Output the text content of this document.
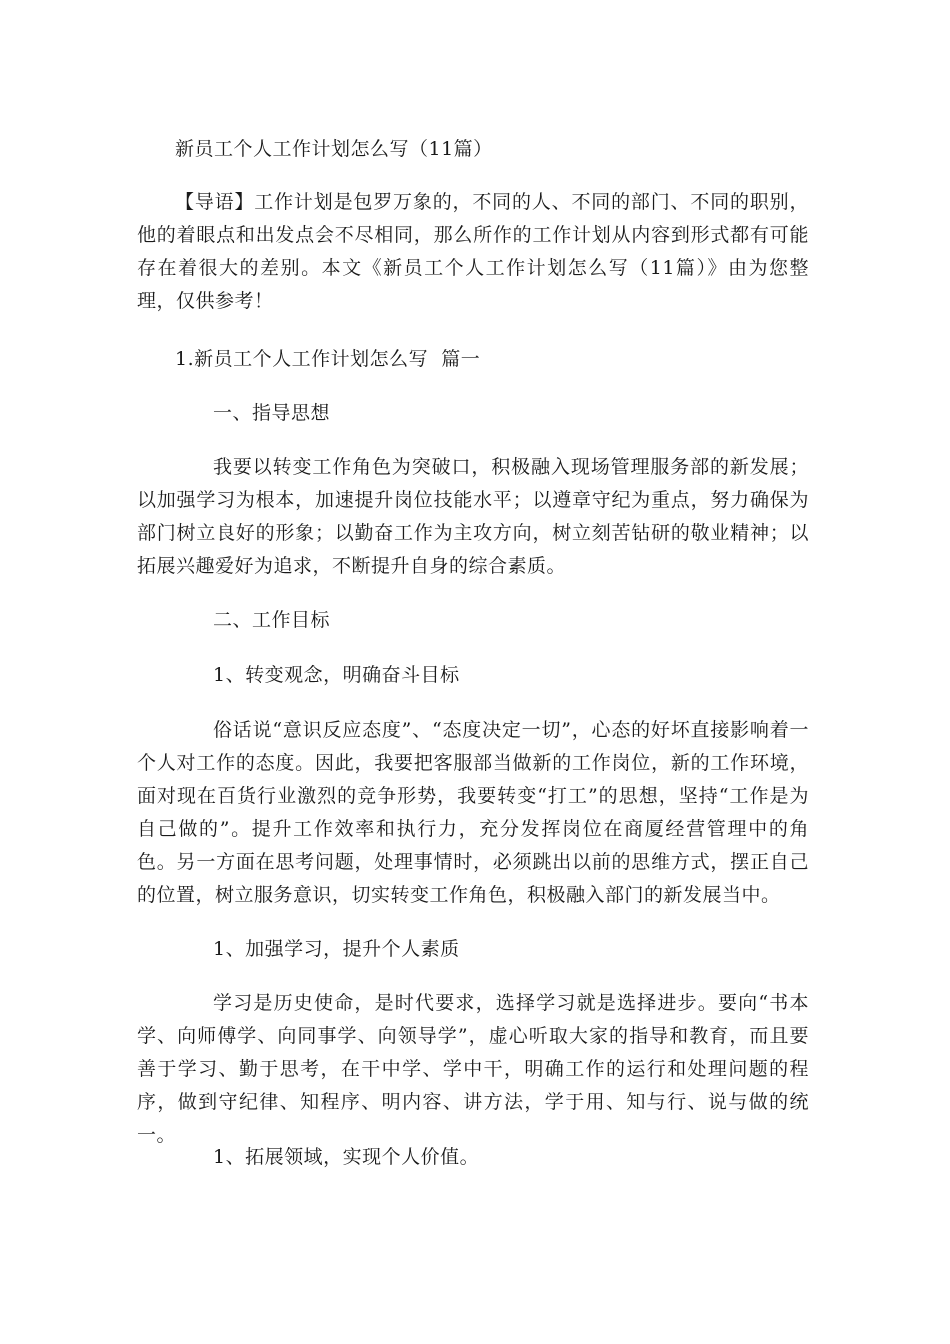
新员工个人工作计划怎么写（11篇）

【导语】工作计划是包罗万象的，不同的人、不同的部门、不同的职别，他的着眼点和出发点会不尽相同，那么所作的工作计划从内容到形式都有可能存在着很大的差别。本文《新员工个人工作计划怎么写（11篇）》由为您整理，仅供参考！

1.新员工个人工作计划怎么写  篇一

一、指导思想

我要以转变工作角色为突破口，积极融入现场管理服务部的新发展；以加强学习为根本，加速提升岗位技能水平；以遵章守纪为重点，努力确保为部门树立良好的形象；以勤奋工作为主攻方向，树立刻苦钻研的敬业精神；以拓展兴趣爱好为追求，不断提升自身的综合素质。

二、工作目标

1、转变观念，明确奋斗目标

俗话说“意识反应态度”、“态度决定一切”，心态的好坏直接影响着一个人对工作的态度。因此，我要把客服部当做新的工作岗位，新的工作环境，面对现在百货行业激烈的竞争形势，我要转变“打工”的思想，坚持“工作是为自己做的”。提升工作效率和执行力，充分发挥岗位在商厦经营管理中的角色。另一方面在思考问题，处理事情时，必须跳出以前的思维方式，摆正自己的位置，树立服务意识，切实转变工作角色，积极融入部门的新发展当中。

1、加强学习，提升个人素质

学习是历史使命，是时代要求，选择学习就是选择进步。要向“书本学、向师傅学、向同事学、向领导学”，虚心听取大家的指导和教育，而且要善于学习、勤于思考，在干中学、学中干，明确工作的运行和处理问题的程序，做到守纪律、知程序、明内容、讲方法，学于用、知与行、说与做的统一。

1、拓展领域，实现个人价值。
